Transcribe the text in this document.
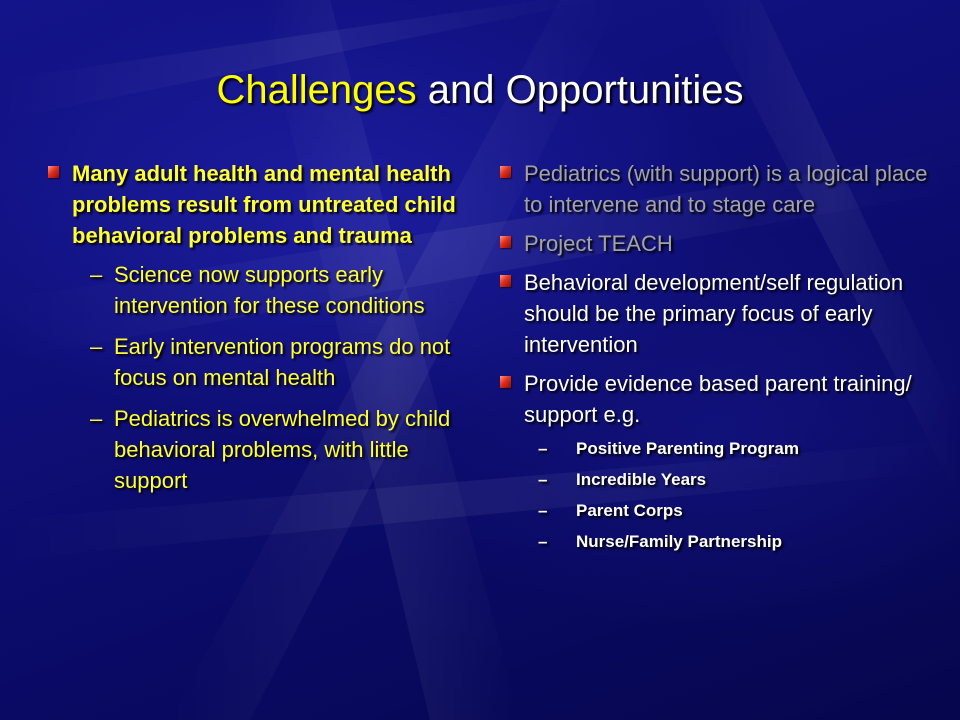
Challenges and Opportunities
Many adult health and mental health problems result from untreated child behavioral problems and trauma
– Science now supports early intervention for these conditions
– Early intervention programs do not focus on mental health
– Pediatrics is overwhelmed by child behavioral problems, with little support
Pediatrics (with support) is a logical place to intervene and to stage care
Project TEACH
Behavioral development/self regulation should be the primary focus of early intervention
Provide evidence based parent training/ support e.g.
– Positive Parenting Program
– Incredible Years
– Parent Corps
– Nurse/Family Partnership
